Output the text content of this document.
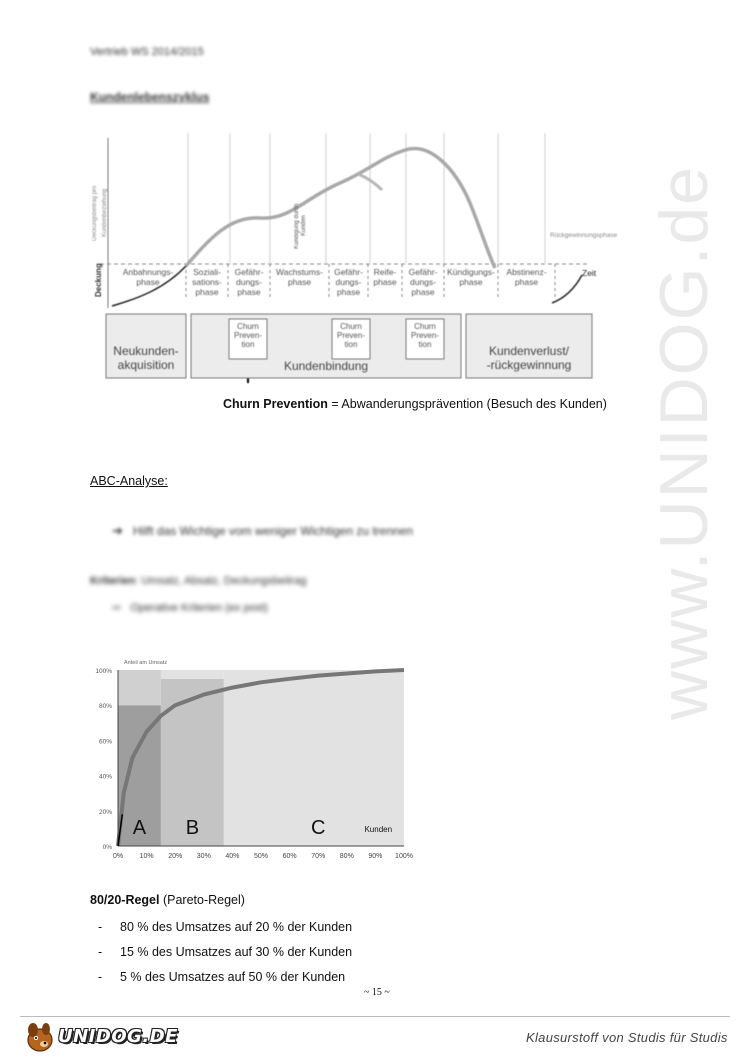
www.UNIDOG.de
Vertrieb WS 2014/2015
Kundenlebenszyklus
Deckungsbeitrag pro Kundenbeziehung
Deckung	Zeit
Kündigung durch Kunden	Rückgewinnungsphase
Anbahnungs-
phase
Soziali-
sations-
phase
Gefähr-
dungs-
phase
Wachstums-
phase
Gefähr-
dungs-
phase
Reife-
phase
Gefähr-
dungs-
phase
Kündigungs-
phase
Abstinenz-
phase
Neukunden-
akquisition	Kundenbindung
Kundenverlust/
-rückgewinnung
Churn
Preven-
tion
Churn
Preven-
tion
Churn
Preven-
tion
Churn Prevention = Abwanderungsprävention (Besuch des Kunden)
ABC-Analyse:
➔ Hilft das Wichtige vom weniger Wichtigen zu trennen
Kriterien: Umsatz, Absatz, Deckungsbeitrag
⇨ Operative Kriterien (ex post)
0%
20%
40%
60%
80%
100%
0% 10% 20% 30% 40% 50% 60% 70% 80% 90% 100%
Anteil am Umsatz
A B	C	Kunden
80/20-Regel (Pareto-Regel)
- 80 % des Umsatzes auf 20 % der Kunden
- 15 % des Umsatzes auf 30 % der Kunden
- 5 % des Umsatzes auf 50 % der Kunden
~ 15 ~
UNIDOG.DE	Klausurstoff von Studis für Studis
